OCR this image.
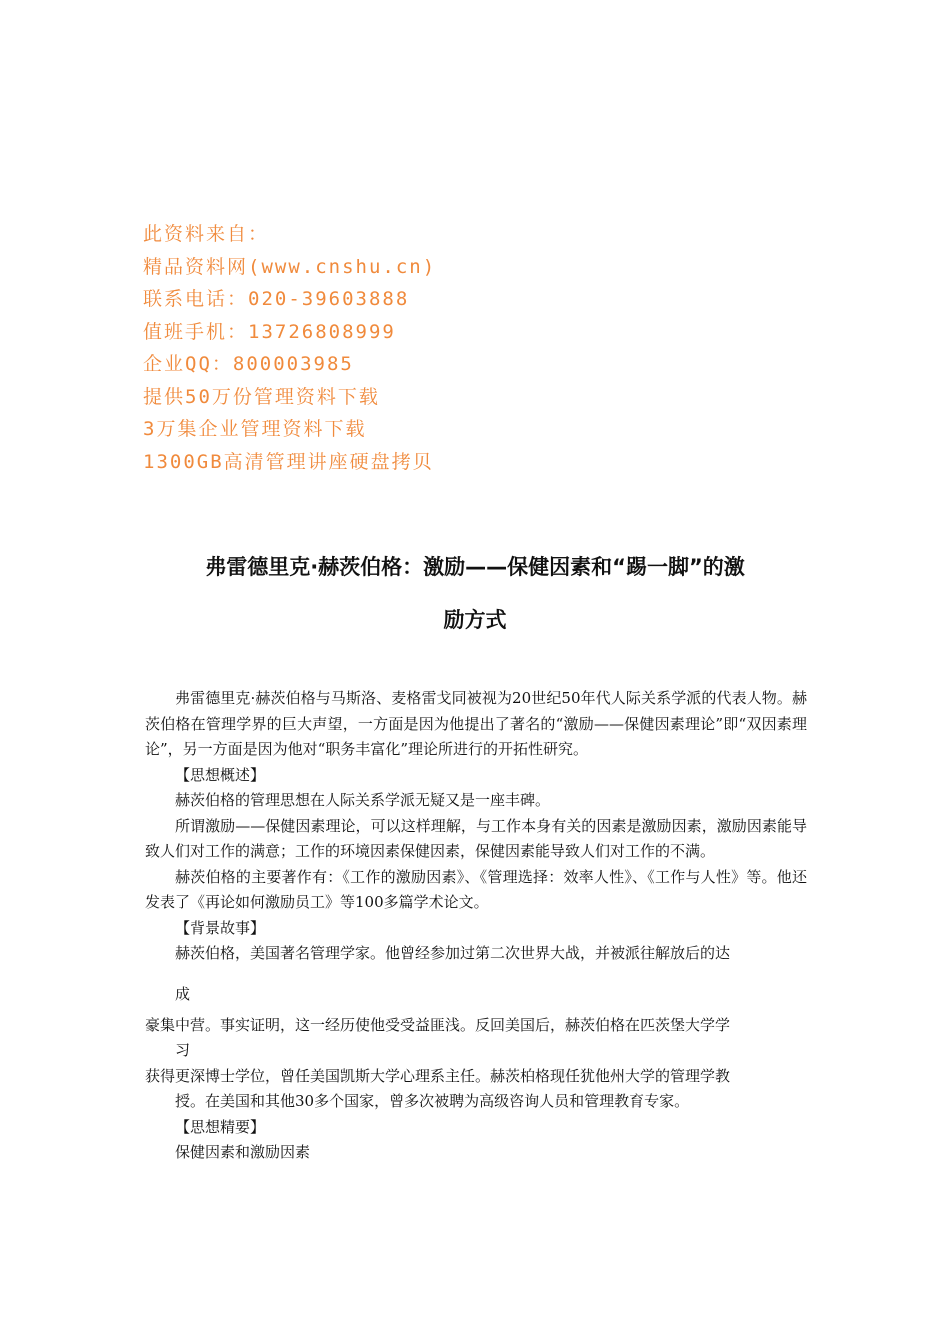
此资料来自：
精品资料网(www.cnshu.cn)
联系电话：020-39603888
值班手机：13726808999
企业QQ：800003985
提供50万份管理资料下载
3万集企业管理资料下载
1300GB高清管理讲座硬盘拷贝
弗雷德里克·赫茨伯格：激励——保健因素和“踢一脚”的激
励方式

弗雷德里克·赫茨伯格与马斯洛、麦格雷戈同被视为20世纪50年代人际关系学派的代表人物。赫茨伯格在管理学界的巨大声望，一方面是因为他提出了著名的“激励——保健因素理论”即“双因素理论”，另一方面是因为他对“职务丰富化”理论所进行的开拓性研究。

【思想概述】

赫茨伯格的管理思想在人际关系学派无疑又是一座丰碑。

所谓激励——保健因素理论，可以这样理解，与工作本身有关的因素是激励因素，激励因素能导致人们对工作的满意；工作的环境因素保健因素，保健因素能导致人们对工作的不满。

赫茨伯格的主要著作有：《工作的激励因素》、《管理选择：效率人性》、《工作与人性》等。他还发表了《再论如何激励员工》等100多篇学术论文。

【背景故事】

赫茨伯格，美国著名管理学家。他曾经参加过第二次世界大战，并被派往解放后的达

成

豪集中营。事实证明，这一经历使他受受益匪浅。反回美国后，赫茨伯格在匹茨堡大学学

习

获得更深博士学位，曾任美国凯斯大学心理系主任。赫茨柏格现任犹他州大学的管理学教

授。在美国和其他30多个国家，曾多次被聘为高级咨询人员和管理教育专家。

【思想精要】

保健因素和激励因素
